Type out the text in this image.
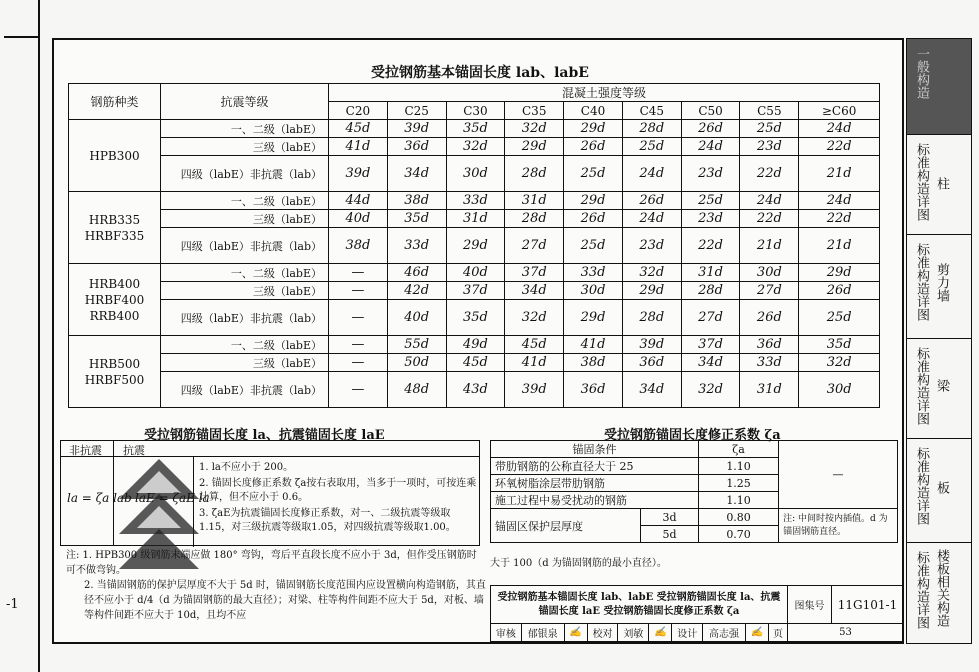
-1
受拉钢筋基本锚固长度 lab、labE
钢筋种类	抗震等级	混凝土强度等级								
		C20	C25	C30	C35	C40	C45	C50	C55	≥C60
HPB300	一、二级（labE）	45d	39d	35d	32d	29d	28d	26d	25d	24d
	三级（labE）	41d	36d	32d	29d	26d	25d	24d	23d	22d
	四级（labE）非抗震（lab）	39d	34d	30d	28d	25d	24d	23d	22d	21d
HRB335 HRBF335	一、二级（labE）	44d	38d	33d	31d	29d	26d	25d	24d	24d
	三级（labE）	40d	35d	31d	28d	26d	24d	23d	22d	22d
	四级（labE）非抗震（lab）	38d	33d	29d	27d	25d	23d	22d	21d	21d
HRB400 HRBF400 RRB400	一、二级（labE）	—	46d	40d	37d	33d	32d	31d	30d	29d
	三级（labE）	—	42d	37d	34d	30d	29d	28d	27d	26d
	四级（labE）非抗震（lab）	—	40d	35d	32d	29d	28d	27d	26d	25d
HRB500 HRBF500	一、二级（labE）	—	55d	49d	45d	41d	39d	37d	36d	35d
	三级（labE）	—	50d	45d	41d	38d	36d	34d	33d	32d
	四级（labE）非抗震（lab）	—	48d	43d	39d	36d	34d	32d	31d	30d
受拉钢筋锚固长度 la、抗震锚固长度 laE	受拉钢筋锚固长度修正系数 ζa
非抗震 抗震
la = ζa lab laE = ζaE la
1. la不应小于 200。
2. 锚固长度修正系数 ζa按右表取用，当多于一项时，可按连乘计算，但不应小于 0.6。
3. ζaE为抗震锚固长度修正系数，对一、二级抗震等级取1.15，对三级抗震等级取1.05，对四级抗震等级取1.00。
锚固条件		ζa	—
带肋钢筋的公称直径大于 25		1.10	
环氧树脂涂层带肋钢筋		1.25	
施工过程中易受扰动的钢筋		1.10	
锚固区保护层厚度	3d	0.80	注: 中间时按内插值。d 为锚固钢筋直径。
	5d	0.70	
注: 1. HPB300 级钢筋末端应做 180° 弯钩，弯后平直段长度不应小于 3d，但作受压钢筋时可不做弯钩。
2. 当锚固钢筋的保护层厚度不大于 5d 时，锚固钢筋长度范围内应设置横向构造钢筋，其直径不应小于 d/4（d 为锚固钢筋的最大直径）；对梁、柱等构件间距不应大于 5d，对板、墙等构件间距不应大于 10d，且均不应
大于 100（d 为锚固钢筋的最小直径）。
受拉钢筋基本锚固长度 lab、labE 受拉钢筋锚固长度 la、抗震锚固长度 laE 受拉钢筋锚固长度修正系数 ζa										图集号	11G101-1
审核	郁银泉	✍	校对	刘敏	✍	设计	高志强	✍	页	53	
一般构造
标准构造详图 柱
标准构造详图 剪力墙
标准构造详图 梁
标准构造详图 板
标准构造详图 楼板相关构造
